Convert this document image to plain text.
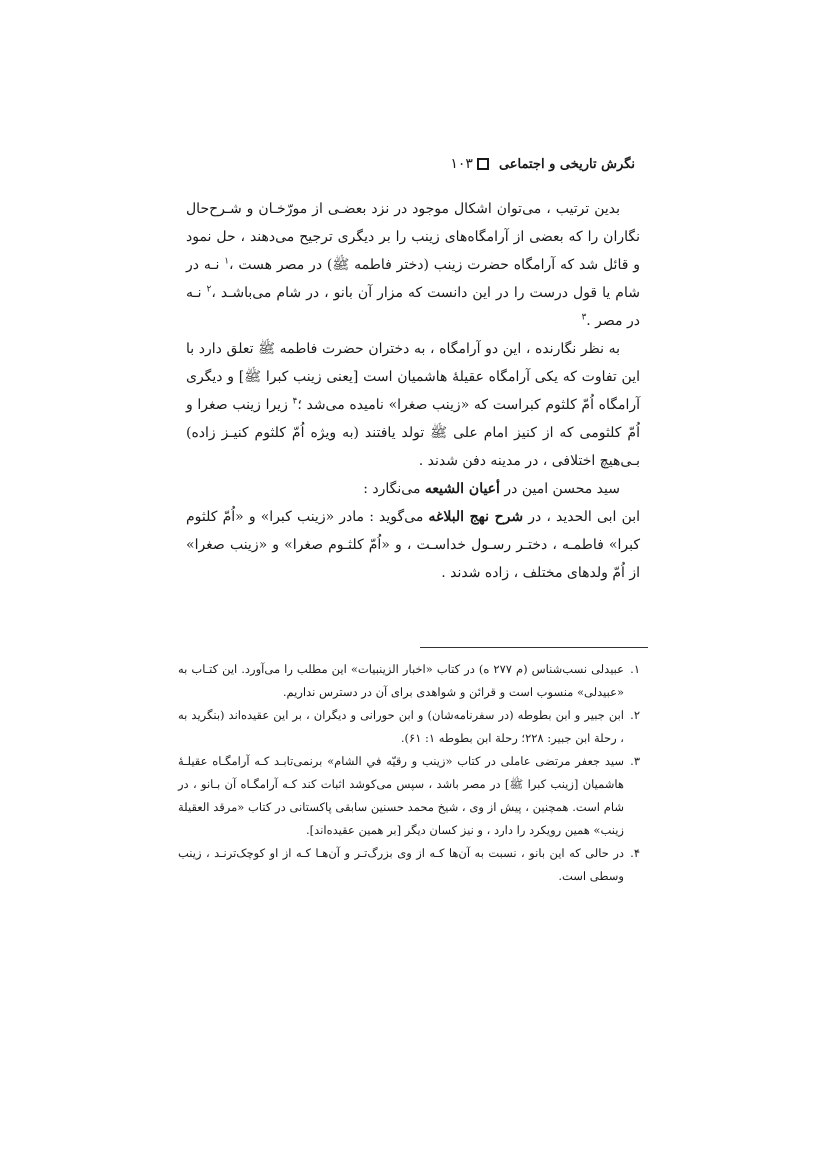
نگرش تاریخی و اجتماعی
۱۰۳

بدین ترتیب ، می‌توان اشکال موجود در نزد بعضـی از مورّخـان و شـرح‌حال نگاران را که بعضی از آرامگاه‌های زینب را بر دیگری ترجیح می‌دهند ، حل نمود و قائل شد که آرامگاه حضرت زینب (دختر فاطمه ﷺ) در مصر هست ،$^۱$ نـه در شام یا قول درست را در این دانست که مزار آن بانو ، در شام می‌باشـد ،$^۲$ نـه در مصر .$^۳$

به نظر نگارنده ، این دو آرامگاه ، به دختران حضرت فاطمه ﷺ تعلق دارد با این تفاوت که یکی آرامگاه عقیلهٔ هاشمیان است [یعنی زینب کبرا ﷺ] و دیگری آرامگاه اُمّ کلثوم کبراست که «زینب صغرا» نامیده می‌شد ؛$^۴$ زیرا زینب صغرا و اُمّ کلثومی که از کنیز امام علی ﷺ تولد یافتند (به ویژه اُمّ کلثوم کنیـز زاده) بـی‌هیچ اختلافی ، در مدینه دفن شدند .

سید محسن امین در أعیان الشیعه می‌نگارد :

ابن ابی الحدید ، در شرح نهج البلاغه می‌گوید : مادر «زینب کبرا» و «اُمّ کلثوم کبرا» فاطمـه ، دختـر رسـول خداسـت ، و «اُمّ کلثـوم صغرا» و «زینب صغرا» از اُمّ ولدهای مختلف ، زاده شدند .

۱.
عبیدلی نسب‌شناس (م ۲۷۷ ه) در کتاب «اخبار الزینبیات» این مطلب را می‌آورد. این کتـاب به «عبیدلی» منسوب است و قرائن و شواهدی برای آن در دسترس نداریم.
۲.
ابن جبیر و ابن بطوطه (در سفرنامه‌شان) و ابن حورانی و دیگران ، بر این عقیده‌اند (بنگرید به ، رحلة ابن جبیر: ۲۲۸؛ رحلة ابن بطوطه ۱: ۶۱).
۳.
سید جعفر مرتضی عاملی در کتاب «زینب و رقیّه في الشام» برنمی‌تابـد کـه آرامگـاه عقیلـهٔ هاشمیان [زینب کبرا ﷺ] در مصر باشد ، سپس می‌کوشد اثبات کند کـه آرامگـاه آن بـانو ، در شام است. همچنین ، پیش از وی ، شیخ محمد حسنین سابقی پاکستانی در کتاب «مرقد العقیلة زینب» همین رویکرد را دارد ، و نیز کسان دیگر [بر همین عقیده‌اند].
۴.
در حالی که این بانو ، نسبت به آن‌ها کـه از وی بزرگ‌تـر و آن‌هـا کـه از او کوچک‌ترنـد ، زینب وسطی است.
